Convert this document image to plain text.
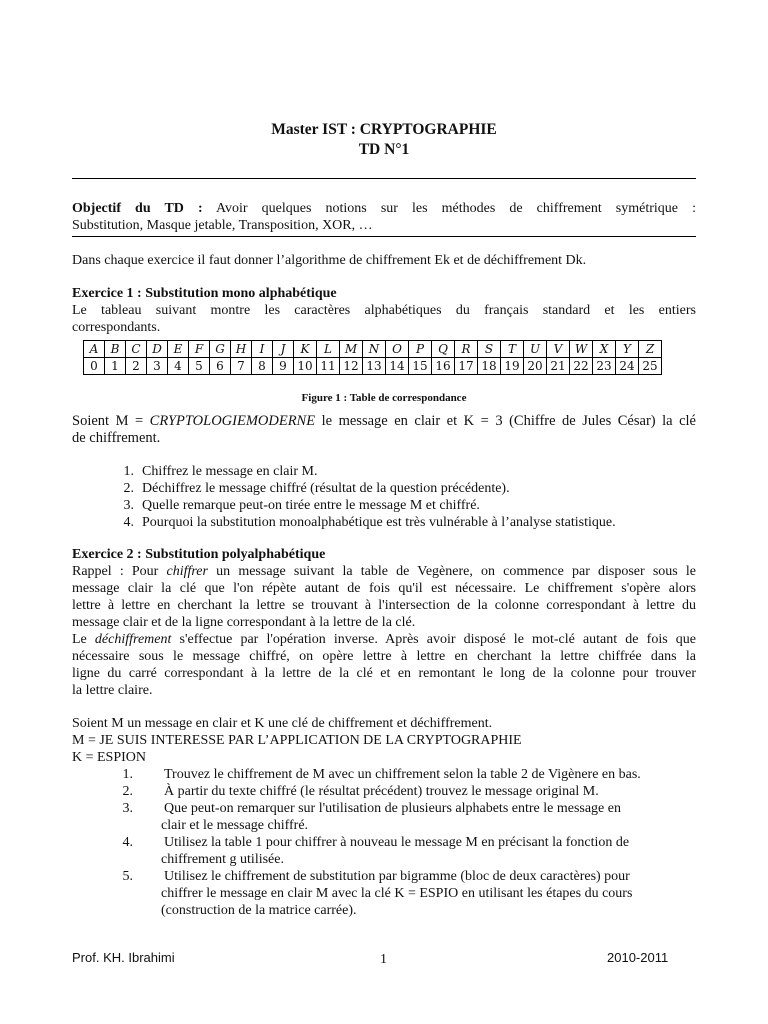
Master IST : CRYPTOGRAPHIE
TD N°1
Objectif du TD : Avoir quelques notions sur les méthodes de chiffrement symétrique :
Substitution, Masque jetable, Transposition, XOR, …
Dans chaque exercice il faut donner l’algorithme de chiffrement Ek et de déchiffrement Dk.
Exercice 1 : Substitution mono alphabétique
Le tableau suivant montre les caractères alphabétiques du français standard et les entiers
correspondants.
A	B	C	D	E	F	G	H	I	J	K	L	M	N	O	P	Q	R	S	T	U	V	W	X	Y	Z
0	1	2	3	4	5	6	7	8	9	10	11	12	13	14	15	16	17	18	19	20	21	22	23	24	25
Figure 1 : Table de correspondance
Soient M = CRYPTOLOGIEMODERNE le message en clair et K = 3 (Chiffre de Jules César) la clé
de chiffrement.
1. Chiffrez le message en clair M.
2. Déchiffrez le message chiffré (résultat de la question précédente).
3. Quelle remarque peut-on tirée entre le message M et chiffré.
4. Pourquoi la substitution monoalphabétique est très vulnérable à l’analyse statistique.
Exercice 2 : Substitution polyalphabétique
Rappel : Pour chiffrer un message suivant la table de Vegènere, on commence par disposer sous le
message clair la clé que l'on répète autant de fois qu'il est nécessaire. Le chiffrement s'opère alors
lettre à lettre en cherchant la lettre se trouvant à l'intersection de la colonne correspondant à lettre du
message clair et de la ligne correspondant à la lettre de la clé.
Le déchiffrement s'effectue par l'opération inverse. Après avoir disposé le mot-clé autant de fois que
nécessaire sous le message chiffré, on opère lettre à lettre en cherchant la lettre chiffrée dans la
ligne du carré correspondant à la lettre de la clé et en remontant le long de la colonne pour trouver
la lettre claire.
Soient M un message en clair et K une clé de chiffrement et déchiffrement.
M = JE SUIS INTERESSE PAR L’APPLICATION DE LA CRYPTOGRAPHIE
K = ESPION
1. Trouvez le chiffrement de M avec un chiffrement selon la table 2 de Vigènere en bas.
2. À partir du texte chiffré (le résultat précédent) trouvez le message original M.
3. Que peut-on remarquer sur l'utilisation de plusieurs alphabets entre le message en
clair et le message chiffré.
4. Utilisez la table 1 pour chiffrer à nouveau le message M en précisant la fonction de
chiffrement g utilisée.
5. Utilisez le chiffrement de substitution par bigramme (bloc de deux caractères) pour
chiffrer le message en clair M avec la clé K = ESPIO en utilisant les étapes du cours
(construction de la matrice carrée).
Prof. KH. Ibrahimi	1	2010-2011
